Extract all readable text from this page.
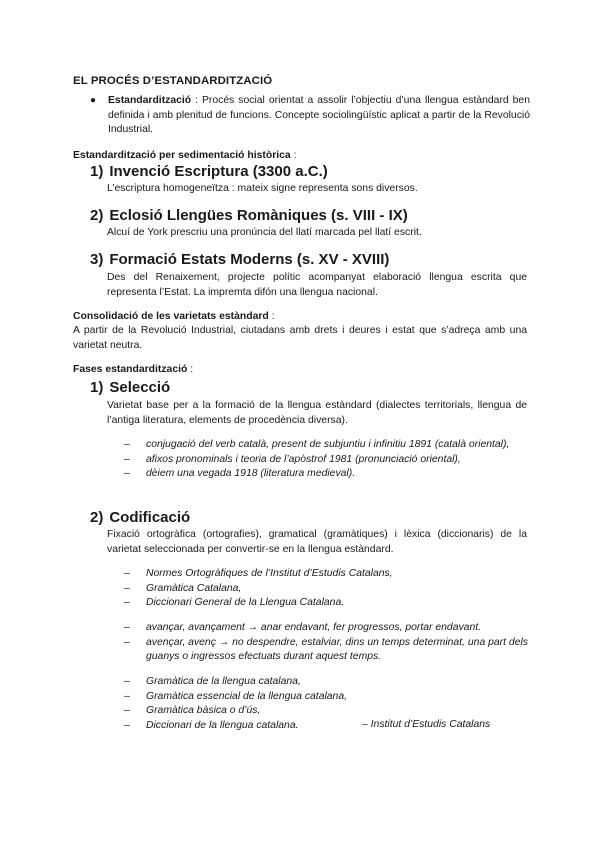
EL PROCÉS D’ESTANDARDITZACIÓ
● Estandardització : Procés social orientat a assolir l’objectiu d’una llengua estàndard ben definida i amb plenitud de funcions. Concepte sociolingüístic aplicat a partir de la Revolució Industrial.
Estandardització per sedimentació històrica :
1) Invenció Escriptura (3300 a.C.)
L’escriptura homogeneïtza : mateix signe representa sons diversos.
2) Eclosió Llengües Romàniques (s. VIII - IX)
Alcuí de York prescriu una pronúncia del llatí marcada pel llatí escrit.
3) Formació Estats Moderns (s. XV - XVIII)
Des del Renaixement, projecte polític acompanyat elaboració llengua escrita que representa l’Estat. La impremta difón una llengua nacional.
Consolidació de les varietats estàndard :
A partir de la Revolució Industrial, ciutadans amb drets i deures i estat que s’adreça amb una varietat neutra.
Fases estandardització :
1) Selecció
Varietat base per a la formació de la llengua estàndard (dialectes territorials, llengua de l’antiga literatura, elements de procedència diversa).
– conjugació del verb català, present de subjuntiu i infinitiu 1891 (català oriental),
– afixos pronominals i teoria de l’apòstrof 1981 (pronunciació oriental),
– dèiem una vegada 1918 (literatura medieval).
2) Codificació
Fixació ortogràfica (ortografies), gramatical (gramàtiques) i lèxica (diccionaris) de la varietat seleccionada per convertir-se en la llengua estàndard.
– Normes Ortogràfiques de l’Institut d’Estudis Catalans,
– Gramàtica Catalana,
– Diccionari General de la Llengua Catalana.
– avançar, avançament → anar endavant, fer progressos, portar endavant.
– avençar, avenç → no despendre, estalviar, dins un temps determinat, una part dels guanys o ingressos efectuats durant aquest temps.
– Gramàtica de la llengua catalana,
– Gramàtica essencial de la llengua catalana,
– Gramàtica bàsica o d’ús,
– Diccionari de la llengua catalana.	– Institut d’Estudis Catalans
